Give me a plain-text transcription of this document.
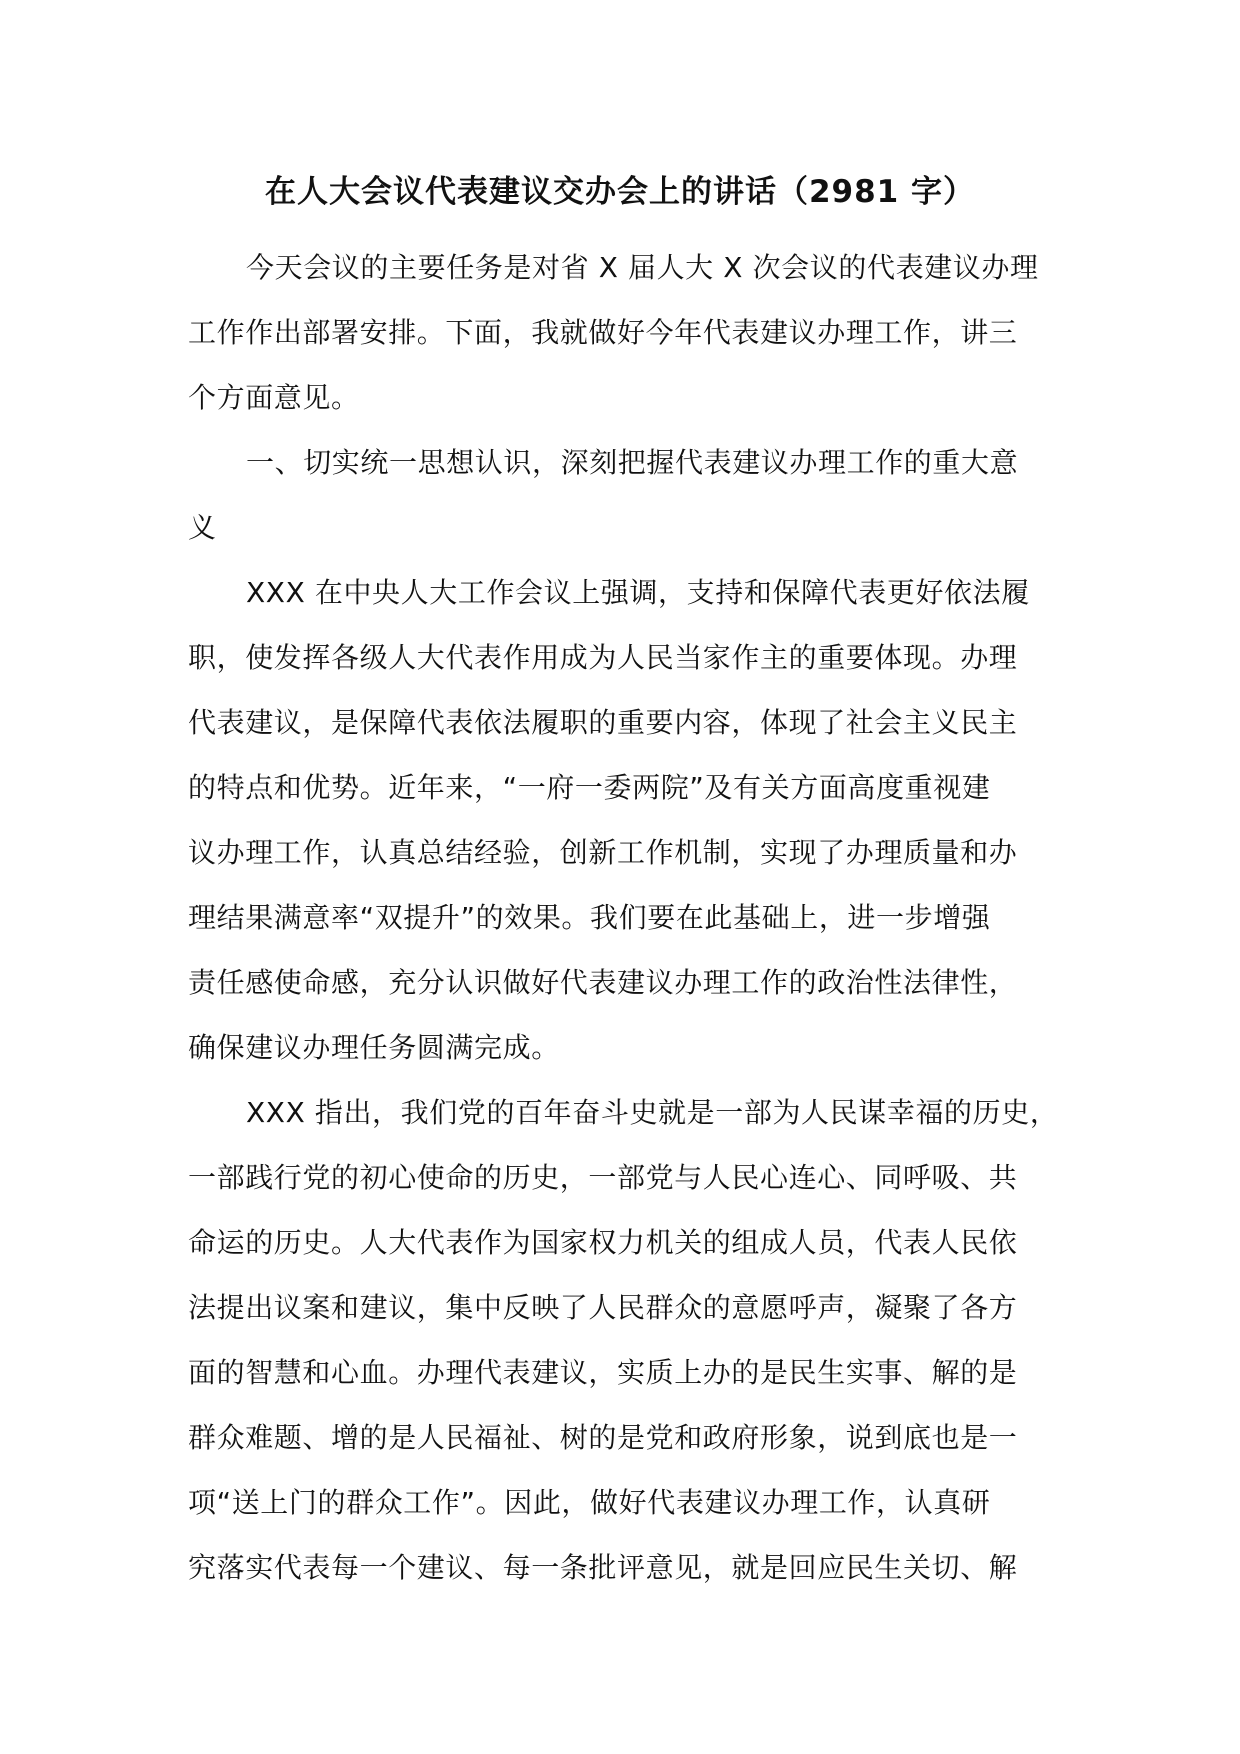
在人大会议代表建议交办会上的讲话（2981 字）
今天会议的主要任务是对省 X 届人大 X 次会议的代表建议办理
工作作出部署安排。下面，我就做好今年代表建议办理工作，讲三
个方面意见。
一、切实统一思想认识，深刻把握代表建议办理工作的重大意
义
XXX 在中央人大工作会议上强调，支持和保障代表更好依法履
职，使发挥各级人大代表作用成为人民当家作主的重要体现。办理
代表建议，是保障代表依法履职的重要内容，体现了社会主义民主
的特点和优势。近年来，“一府一委两院”及有关方面高度重视建
议办理工作，认真总结经验，创新工作机制，实现了办理质量和办
理结果满意率“双提升”的效果。我们要在此基础上，进一步增强
责任感使命感，充分认识做好代表建议办理工作的政治性法律性，
确保建议办理任务圆满完成。
XXX 指出，我们党的百年奋斗史就是一部为人民谋幸福的历史，
一部践行党的初心使命的历史，一部党与人民心连心、同呼吸、共
命运的历史。人大代表作为国家权力机关的组成人员，代表人民依
法提出议案和建议，集中反映了人民群众的意愿呼声，凝聚了各方
面的智慧和心血。办理代表建议，实质上办的是民生实事、解的是
群众难题、增的是人民福祉、树的是党和政府形象，说到底也是一
项“送上门的群众工作”。因此，做好代表建议办理工作，认真研
究落实代表每一个建议、每一条批评意见，就是回应民生关切、解
